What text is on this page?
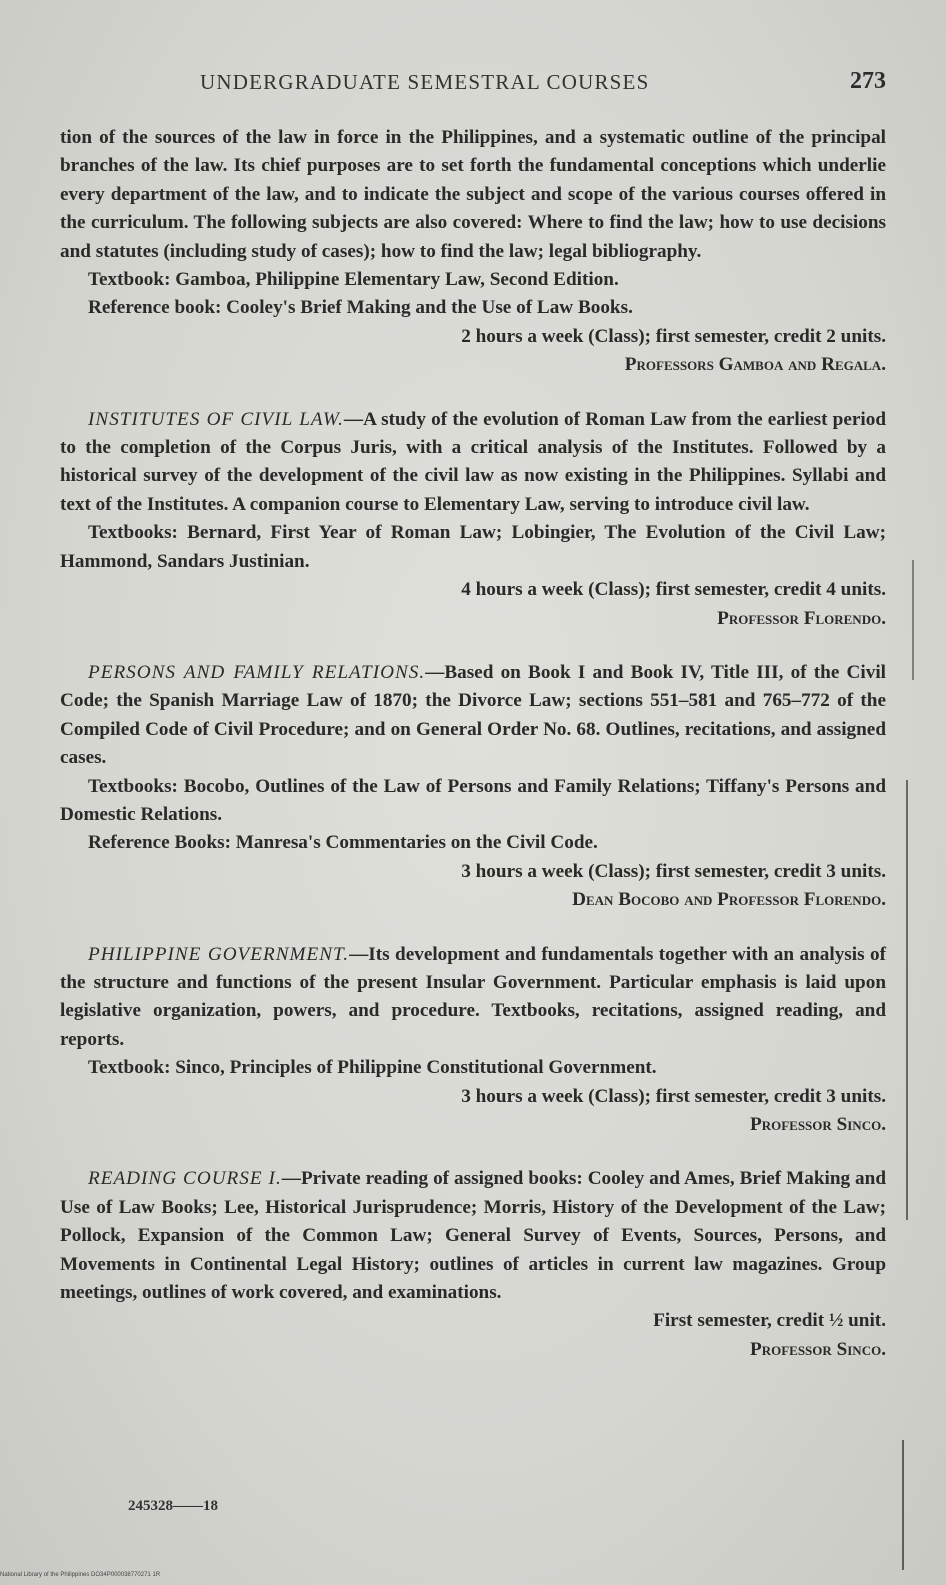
UNDERGRADUATE SEMESTRAL COURSES	273

tion of the sources of the law in force in the Philippines, and a systematic outline of the principal branches of the law. Its chief purposes are to set forth the fundamental conceptions which underlie every department of the law, and to indicate the subject and scope of the various courses offered in the curriculum. The following subjects are also covered: Where to find the law; how to use decisions and statutes (including study of cases); how to find the law; legal bibliography.

Textbook: Gamboa, Philippine Elementary Law, Second Edition.

Reference book: Cooley's Brief Making and the Use of Law Books.

2 hours a week (Class); first semester, credit 2 units.

Professors Gamboa and Regala.

INSTITUTES OF CIVIL LAW.—A study of the evolution of Roman Law from the earliest period to the completion of the Corpus Juris, with a critical analysis of the Institutes. Followed by a historical survey of the development of the civil law as now existing in the Philippines. Syllabi and text of the Institutes. A companion course to Elementary Law, serving to introduce civil law.

Textbooks: Bernard, First Year of Roman Law; Lobingier, The Evolution of the Civil Law; Hammond, Sandars Justinian.

4 hours a week (Class); first semester, credit 4 units.

Professor Florendo.

PERSONS AND FAMILY RELATIONS.—Based on Book I and Book IV, Title III, of the Civil Code; the Spanish Marriage Law of 1870; the Divorce Law; sections 551–581 and 765–772 of the Compiled Code of Civil Procedure; and on General Order No. 68. Outlines, recitations, and assigned cases.

Textbooks: Bocobo, Outlines of the Law of Persons and Family Relations; Tiffany's Persons and Domestic Relations.

Reference Books: Manresa's Commentaries on the Civil Code.

3 hours a week (Class); first semester, credit 3 units.

Dean Bocobo and Professor Florendo.

PHILIPPINE GOVERNMENT.—Its development and fundamentals together with an analysis of the structure and functions of the present Insular Government. Particular emphasis is laid upon legislative organization, powers, and procedure. Textbooks, recitations, assigned reading, and reports.

Textbook: Sinco, Principles of Philippine Constitutional Government.

3 hours a week (Class); first semester, credit 3 units.

Professor Sinco.

READING COURSE I.—Private reading of assigned books: Cooley and Ames, Brief Making and Use of Law Books; Lee, Historical Jurisprudence; Morris, History of the Development of the Law; Pollock, Expansion of the Common Law; General Survey of Events, Sources, Persons, and Movements in Continental Legal History; outlines of articles in current law magazines. Group meetings, outlines of work covered, and examinations.

First semester, credit ½ unit.

Professor Sinco.

245328——18
National Library of the Philippines DO34P000038770271 1R
